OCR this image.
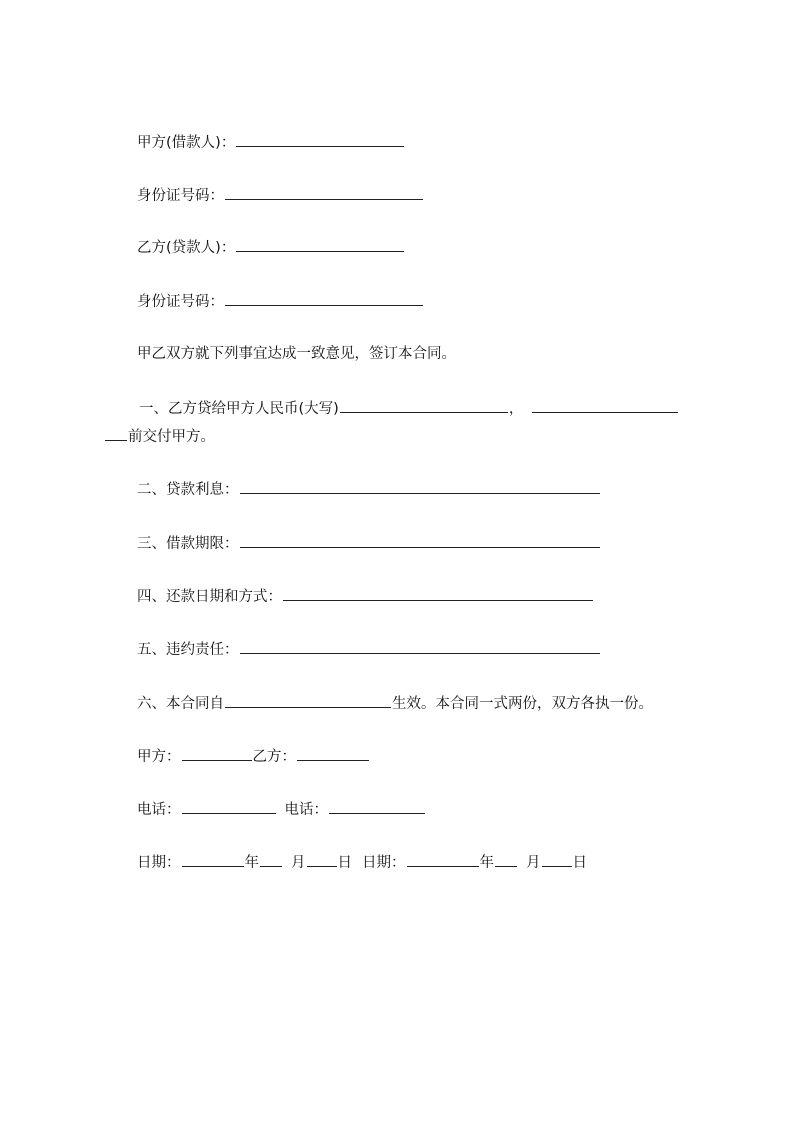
甲方(借款人)：
身份证号码：
乙方(贷款人)：
身份证号码：
甲乙双方就下列事宜达成一致意见，签订本合同。
一、乙方贷给甲方人民币(大写)	，
前交付甲方。
二、贷款利息：
三、借款期限：
四、还款日期和方式：
五、违约责任：
六、本合同自	生效。本合同一式两份，双方各执一份。
甲方：	乙方：
电话：	电话：
日期：	年 月 日 日期：	年 月 日
